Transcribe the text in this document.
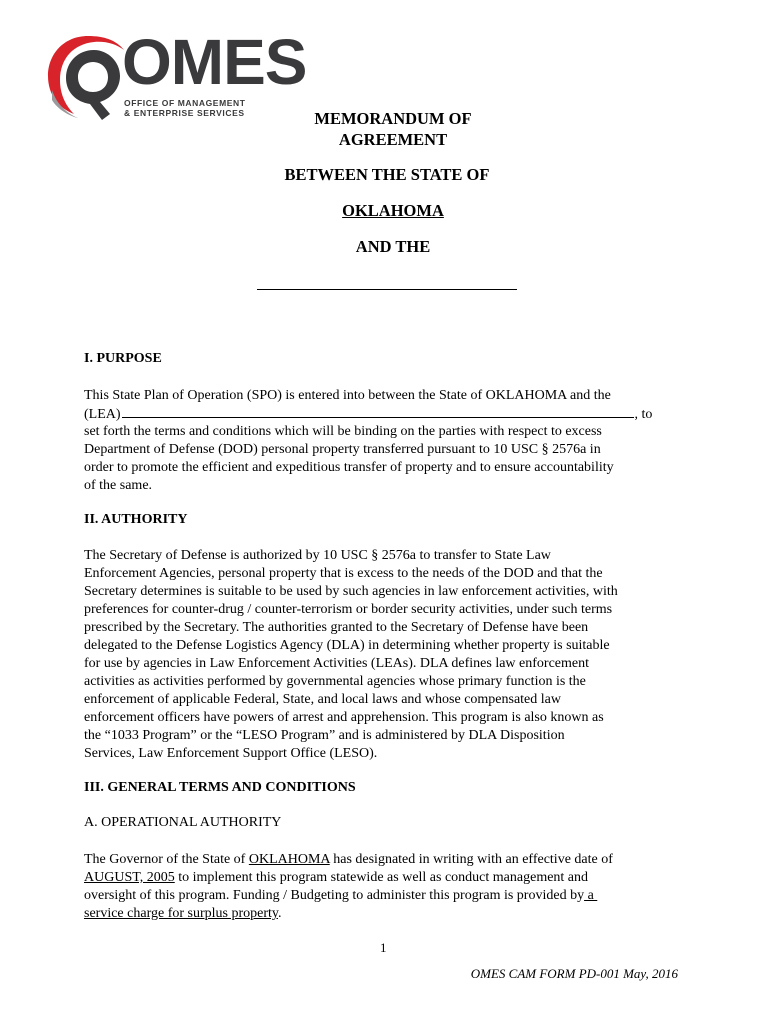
OMES
OFFICE OF MANAGEMENT
& ENTERPRISE SERVICES	MEMORANDUM OF
AGREEMENT
BETWEEN THE STATE OF
OKLAHOMA
AND THE
I. PURPOSE
This State Plan of Operation (SPO) is entered into between the State of OKLAHOMA and the
(LEA)	, to
set forth the terms and conditions which will be binding on the parties with respect to excess
Department of Defense (DOD) personal property transferred pursuant to 10 USC § 2576a in
order to promote the efficient and expeditious transfer of property and to ensure accountability
of the same.
II. AUTHORITY
The Secretary of Defense is authorized by 10 USC § 2576a to transfer to State Law
Enforcement Agencies, personal property that is excess to the needs of the DOD and that the
Secretary determines is suitable to be used by such agencies in law enforcement activities, with
preferences for counter-drug / counter-terrorism or border security activities, under such terms
prescribed by the Secretary. The authorities granted to the Secretary of Defense have been
delegated to the Defense Logistics Agency (DLA) in determining whether property is suitable
for use by agencies in Law Enforcement Activities (LEAs). DLA defines law enforcement
activities as activities performed by governmental agencies whose primary function is the
enforcement of applicable Federal, State, and local laws and whose compensated law
enforcement officers have powers of arrest and apprehension. This program is also known as
the “1033 Program” or the “LESO Program” and is administered by DLA Disposition
Services, Law Enforcement Support Office (LESO).
III. GENERAL TERMS AND CONDITIONS
A. OPERATIONAL AUTHORITY
The Governor of the State of OKLAHOMA has designated in writing with an effective date of
AUGUST, 2005 to implement this program statewide as well as conduct management and
oversight of this program. Funding / Budgeting to administer this program is provided by a
service charge for surplus property.
1
OMES CAM FORM PD-001 May, 2016
